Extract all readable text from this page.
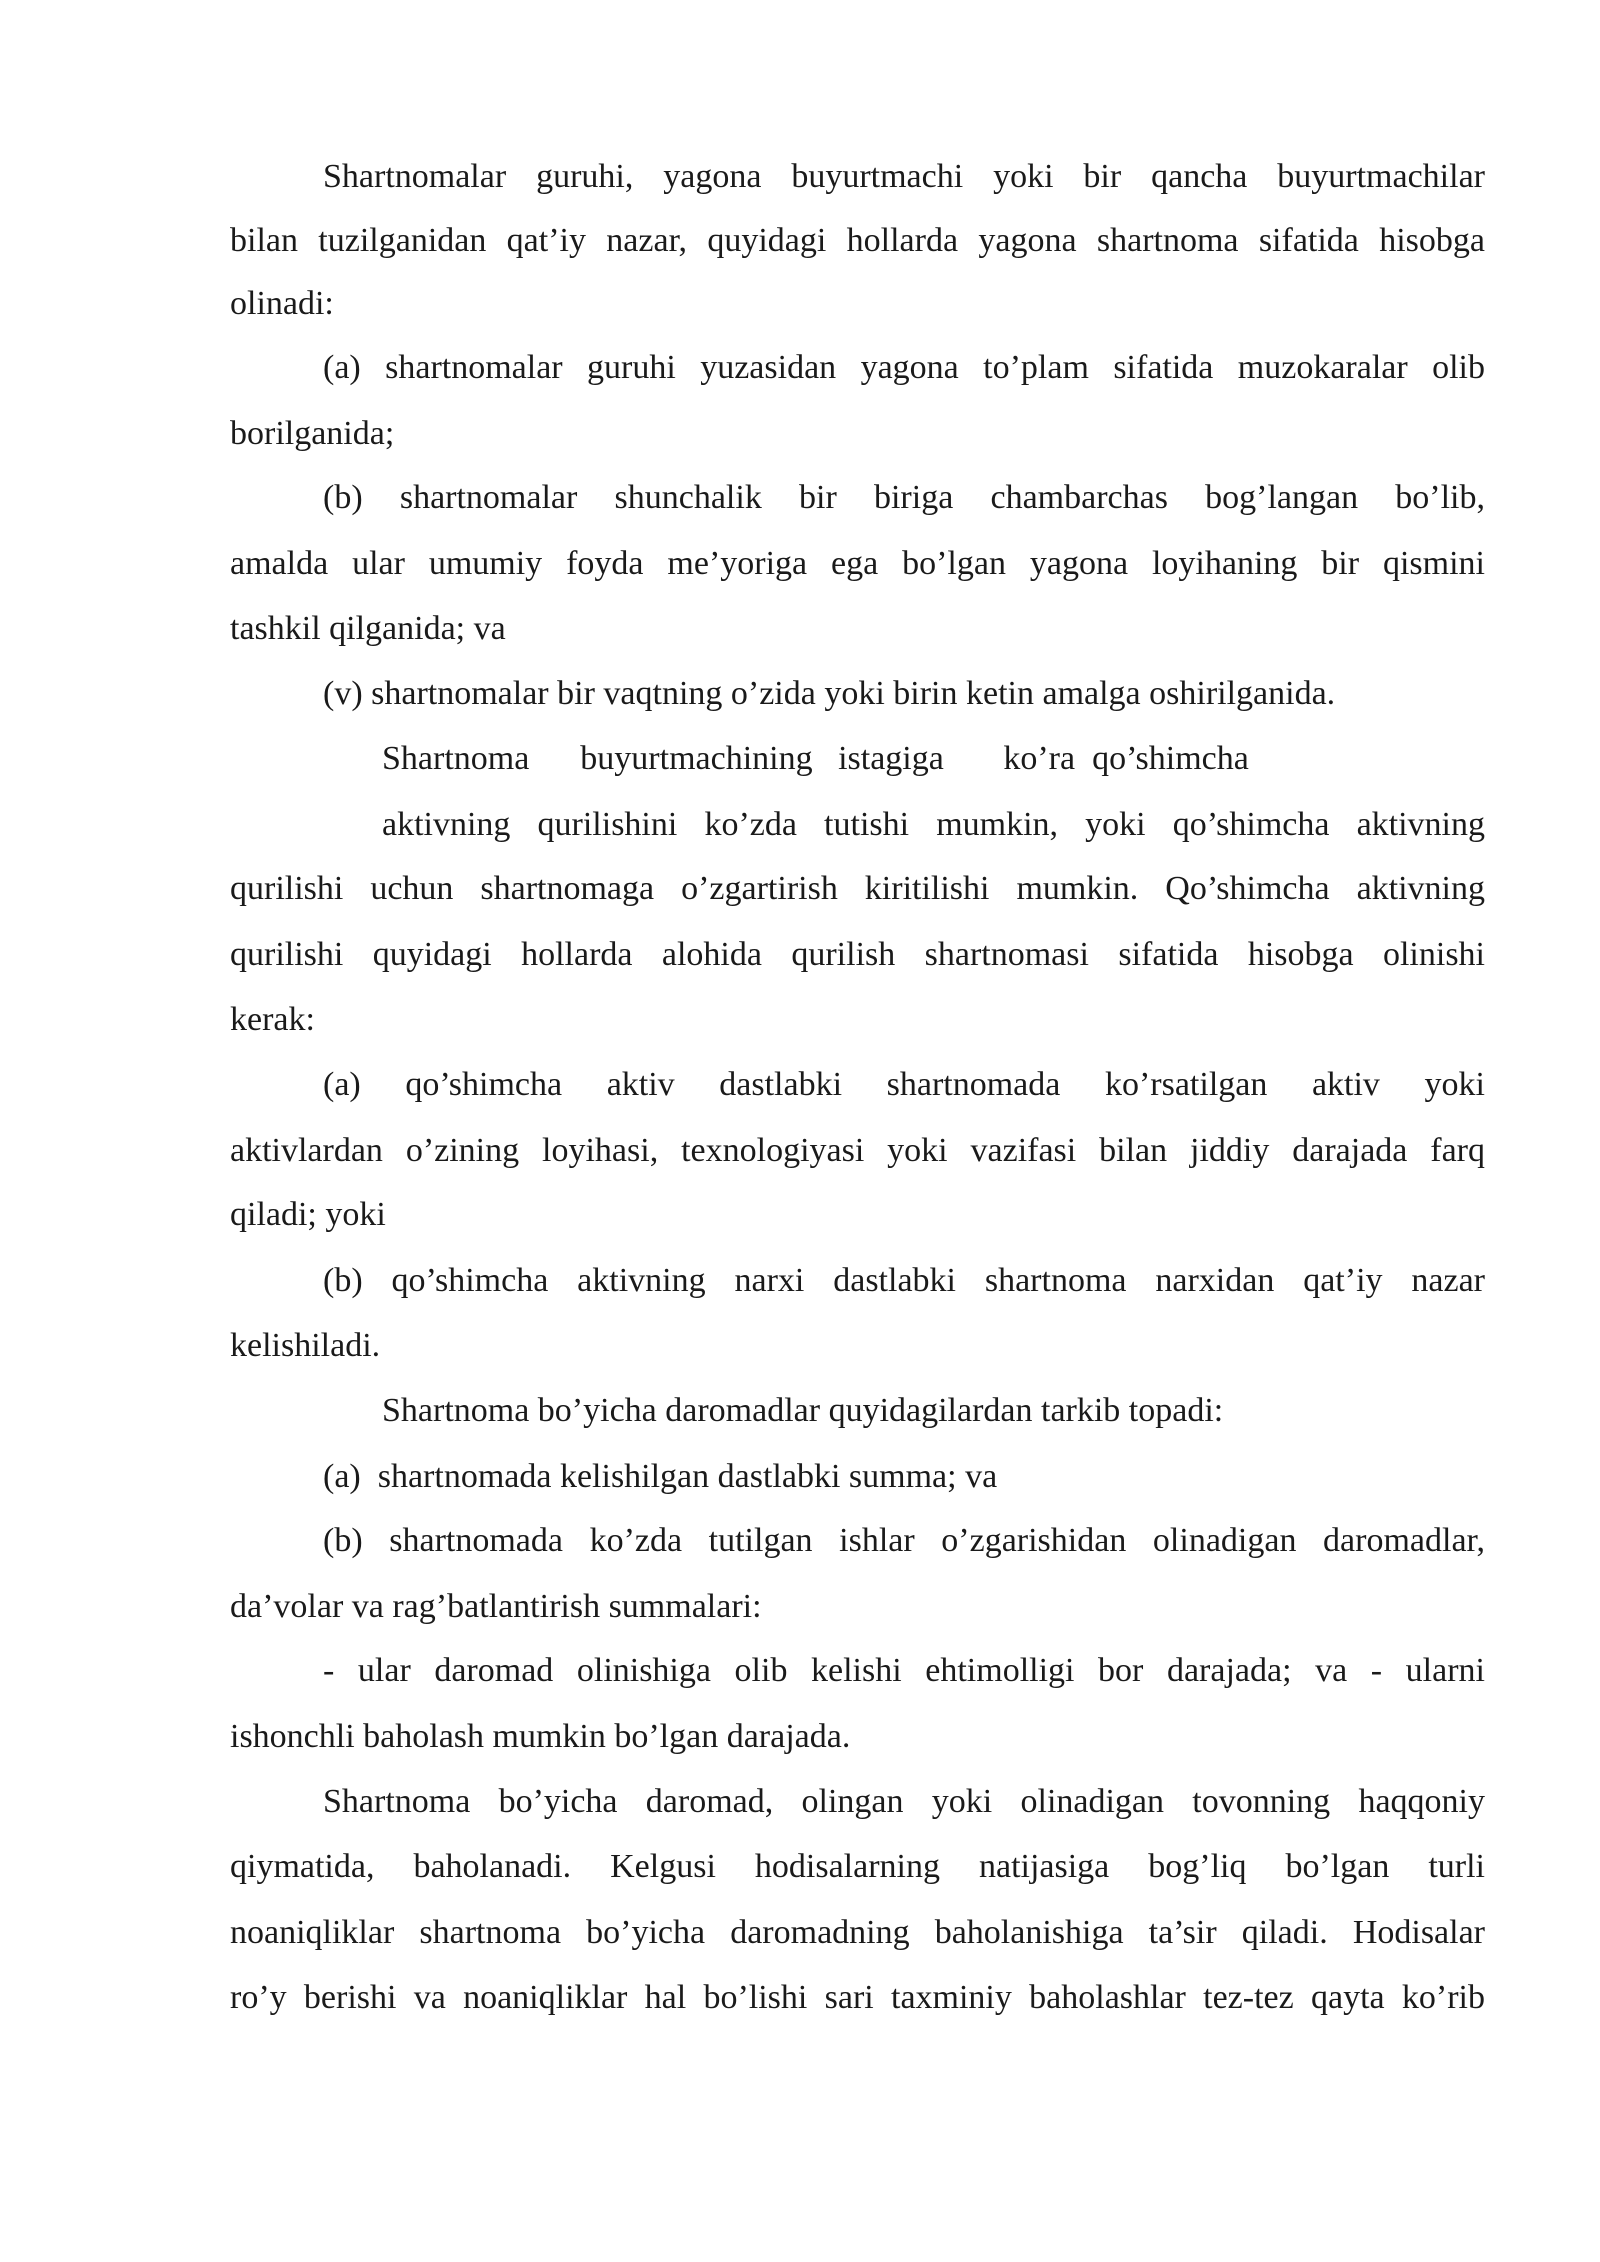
Shartnomalar guruhi, yagona buyurtmachi yoki bir qancha buyurtmachilar
bilan tuzilganidan qat’iy nazar, quyidagi hollarda yagona shartnoma sifatida hisobga
olinadi:
(a) shartnomalar guruhi yuzasidan yagona to’plam sifatida muzokaralar olib
borilganida;
(b) shartnomalar shunchalik bir biriga chambarchas bog’langan bo’lib,
amalda ular umumiy foyda me’yoriga ega bo’lgan yagona loyihaning bir qismini
tashkil qilganida; va
(v) shartnomalar bir vaqtning o’zida yoki birin ketin amalga oshirilganida.
Shartnoma      buyurtmachining   istagiga       ko’ra  qo’shimcha
aktivning qurilishini ko’zda tutishi mumkin, yoki qo’shimcha aktivning
qurilishi uchun shartnomaga o’zgartirish kiritilishi mumkin. Qo’shimcha aktivning
qurilishi quyidagi hollarda alohida qurilish shartnomasi sifatida hisobga olinishi
kerak:
(a) qo’shimcha aktiv dastlabki shartnomada ko’rsatilgan aktiv yoki
aktivlardan o’zining loyihasi, texnologiyasi yoki vazifasi bilan jiddiy darajada farq
qiladi; yoki
(b) qo’shimcha aktivning narxi dastlabki shartnoma narxidan qat’iy nazar
kelishiladi.
Shartnoma bo’yicha daromadlar quyidagilardan tarkib topadi:
(a)  shartnomada kelishilgan dastlabki summa; va
(b) shartnomada ko’zda tutilgan ishlar o’zgarishidan olinadigan daromadlar,
da’volar va rag’batlantirish summalari:
- ular daromad olinishiga olib kelishi ehtimolligi bor darajada; va - ularni
ishonchli baholash mumkin bo’lgan darajada.
Shartnoma bo’yicha daromad, olingan yoki olinadigan tovonning haqqoniy
qiymatida, baholanadi. Kelgusi hodisalarning natijasiga bog’liq bo’lgan turli
noaniqliklar shartnoma bo’yicha daromadning baholanishiga ta’sir qiladi. Hodisalar
ro’y berishi va noaniqliklar hal bo’lishi sari taxminiy baholashlar tez-tez qayta ko’rib
